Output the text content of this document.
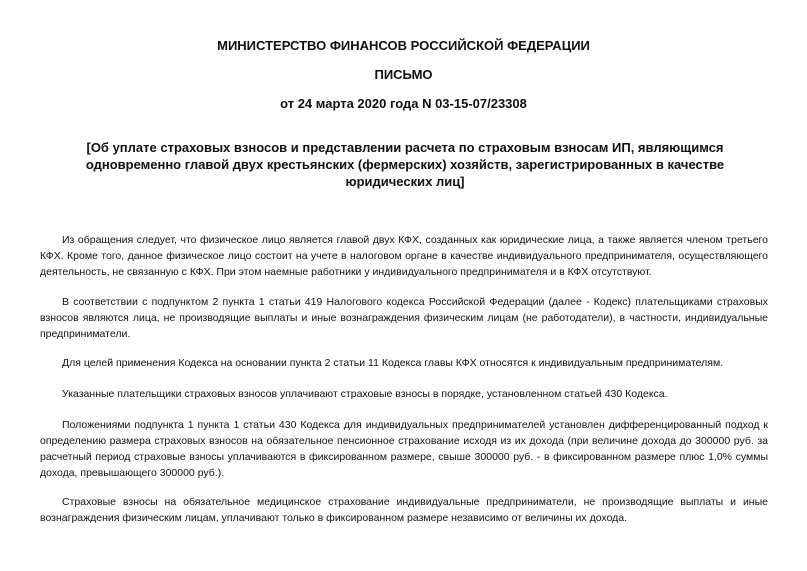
МИНИСТЕРСТВО ФИНАНСОВ РОССИЙСКОЙ ФЕДЕРАЦИИ
ПИСЬМО
от 24 марта 2020 года N 03-15-07/23308
[Об уплате страховых взносов и представлении расчета по страховым взносам ИП, являющимся одновременно главой двух крестьянских (фермерских) хозяйств, зарегистрированных в качестве юридических лиц]
Из обращения следует, что физическое лицо является главой двух КФХ, созданных как юридические лица, а также является членом третьего КФХ. Кроме того, данное физическое лицо состоит на учете в налоговом органе в качестве индивидуального предпринимателя, осуществляющего деятельность, не связанную с КФХ. При этом наемные работники у индивидуального предпринимателя и в КФХ отсутствуют.
В соответствии с подпунктом 2 пункта 1 статьи 419 Налогового кодекса Российской Федерации (далее - Кодекс) плательщиками страховых взносов являются лица, не производящие выплаты и иные вознаграждения физическим лицам (не работодатели), в частности, индивидуальные предприниматели.
Для целей применения Кодекса на основании пункта 2 статьи 11 Кодекса главы КФХ относятся к индивидуальным предпринимателям.
Указанные плательщики страховых взносов уплачивают страховые взносы в порядке, установленном статьей 430 Кодекса.
Положениями подпункта 1 пункта 1 статьи 430 Кодекса для индивидуальных предпринимателей установлен дифференцированный подход к определению размера страховых взносов на обязательное пенсионное страхование исходя из их дохода (при величине дохода до 300000 руб. за расчетный период страховые взносы уплачиваются в фиксированном размере, свыше 300000 руб. - в фиксированном размере плюс 1,0% суммы дохода, превышающего 300000 руб.).
Страховые взносы на обязательное медицинское страхование индивидуальные предприниматели, не производящие выплаты и иные вознаграждения физическим лицам, уплачивают только в фиксированном размере независимо от величины их дохода.
